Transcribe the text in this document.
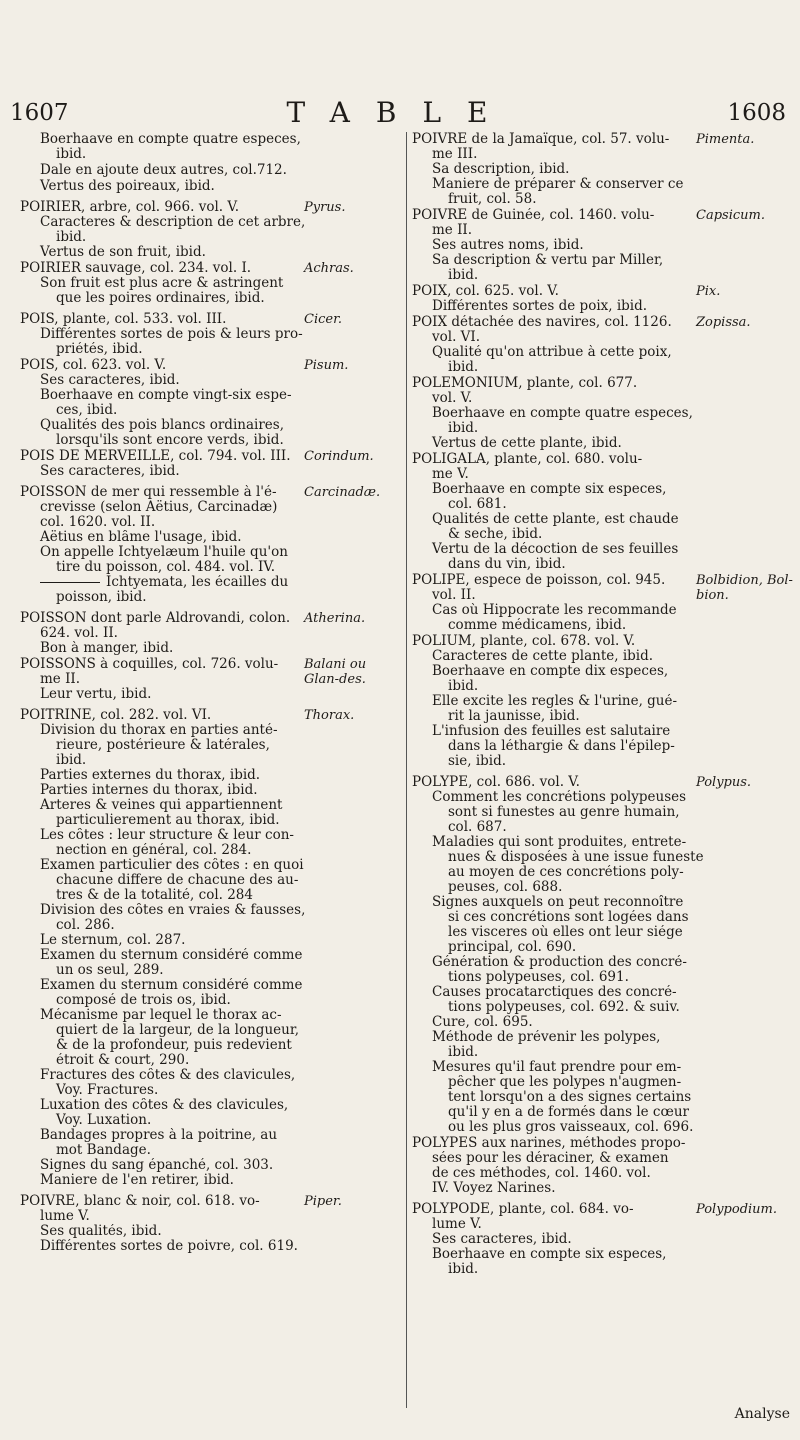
1607	TABLE	1608
Boerhaave en compte quatre especes,
ibid.
Dale en ajoute deux autres, col.712.
Vertus des poireaux, ibid.
POIRIER, arbre, col. 966. vol. V.
Caracteres & description de cet arbre,
ibid.
Vertus de son fruit, ibid.
Pyrus.
POIRIER sauvage, col. 234. vol. I.
Son fruit est plus acre & astringent
que les poires ordinaires, ibid.
Achras.
POIS, plante, col. 533. vol. III.
Différentes sortes de pois & leurs pro-
priétés, ibid.
Cicer.
POIS, col. 623. vol. V.
Ses caracteres, ibid.
Boerhaave en compte vingt-six espe-
ces, ibid.
Qualités des pois blancs ordinaires,
lorsqu'ils sont encore verds, ibid.
Pisum.
POIS DE MERVEILLE, col. 794. vol. III.
Ses caracteres, ibid.
Corindum.
POISSON de mer qui ressemble à l'é-
crevisse (selon Aëtius, Carcinadæ)
col. 1620. vol. II.
Aëtius en blâme l'usage, ibid.
On appelle Ichtyelæum l'huile qu'on
tire du poisson, col. 484. vol. IV.
Ichtyemata, les écailles du
poisson, ibid.
Carcinadæ.
POISSON dont parle Aldrovandi, colon.
624. vol. II.
Bon à manger, ibid.
Atherina.
POISSONS à coquilles, col. 726. volu-
me II.
Leur vertu, ibid.
Balani ou Glan-des.
POITRINE, col. 282. vol. VI.
Division du thorax en parties anté-
rieure, postérieure & latérales,
ibid.
Parties externes du thorax, ibid.
Parties internes du thorax, ibid.
Arteres & veines qui appartiennent
particulierement au thorax, ibid.
Les côtes : leur structure & leur con-
nection en général, col. 284.
Examen particulier des côtes : en quoi
chacune differe de chacune des au-
tres & de la totalité, col. 284
Division des côtes en vraies & fausses,
col. 286.
Le sternum, col. 287.
Examen du sternum considéré comme
un os seul, 289.
Examen du sternum considéré comme
composé de trois os, ibid.
Mécanisme par lequel le thorax ac-
quiert de la largeur, de la longueur,
& de la profondeur, puis redevient
étroit & court, 290.
Fractures des côtes & des clavicules,
Voy. Fractures.
Luxation des côtes & des clavicules,
Voy. Luxation.
Bandages propres à la poitrine, au
mot Bandage.
Signes du sang épanché, col. 303.
Maniere de l'en retirer, ibid.
Thorax.
POIVRE, blanc & noir, col. 618. vo-
lume V.
Ses qualités, ibid.
Différentes sortes de poivre, col. 619.
Piper.
POIVRE de la Jamaïque, col. 57. volu-
me III.
Sa description, ibid.
Maniere de préparer & conserver ce
fruit, col. 58.
Pimenta.
POIVRE de Guinée, col. 1460. volu-
me II.
Ses autres noms, ibid.
Sa description & vertu par Miller,
ibid.
Capsicum.
POIX, col. 625. vol. V.
Différentes sortes de poix, ibid.
Pix.
POIX détachée des navires, col. 1126.
vol. VI.
Qualité qu'on attribue à cette poix,
ibid.
Zopissa.
POLEMONIUM, plante, col. 677.
vol. V.
Boerhaave en compte quatre especes,
ibid.
Vertus de cette plante, ibid.
POLIGALA, plante, col. 680. volu-
me V.
Boerhaave en compte six especes,
col. 681.
Qualités de cette plante, est chaude
& seche, ibid.
Vertu de la décoction de ses feuilles
dans du vin, ibid.
POLIPE, espece de poisson, col. 945.
vol. II.
Cas où Hippocrate les recommande
comme médicamens, ibid.
Bolbidion, Bol-bion.
POLIUM, plante, col. 678. vol. V.
Caracteres de cette plante, ibid.
Boerhaave en compte dix especes,
ibid.
Elle excite les regles & l'urine, gué-
rit la jaunisse, ibid.
L'infusion des feuilles est salutaire
dans la léthargie & dans l'épilep-
sie, ibid.
POLYPE, col. 686. vol. V.
Comment les concrétions polypeuses
sont si funestes au genre humain,
col. 687.
Maladies qui sont produites, entrete-
nues & disposées à une issue funeste
au moyen de ces concrétions poly-
peuses, col. 688.
Signes auxquels on peut reconnoître
si ces concrétions sont logées dans
les visceres où elles ont leur siége
principal, col. 690.
Génération & production des concré-
tions polypeuses, col. 691.
Causes procatarctiques des concré-
tions polypeuses, col. 692. & suiv.
Cure, col. 695.
Méthode de prévenir les polypes,
ibid.
Mesures qu'il faut prendre pour em-
pêcher que les polypes n'augmen-
tent lorsqu'on a des signes certains
qu'il y en a de formés dans le cœur
ou les plus gros vaisseaux, col. 696.
Polypus.
POLYPES aux narines, méthodes propo-
sées pour les déraciner, & examen
de ces méthodes, col. 1460. vol.
IV. Voyez Narines.
POLYPODE, plante, col. 684. vo-
lume V.
Ses caracteres, ibid.
Boerhaave en compte six especes,
ibid.
Polypodium.
Analyse
